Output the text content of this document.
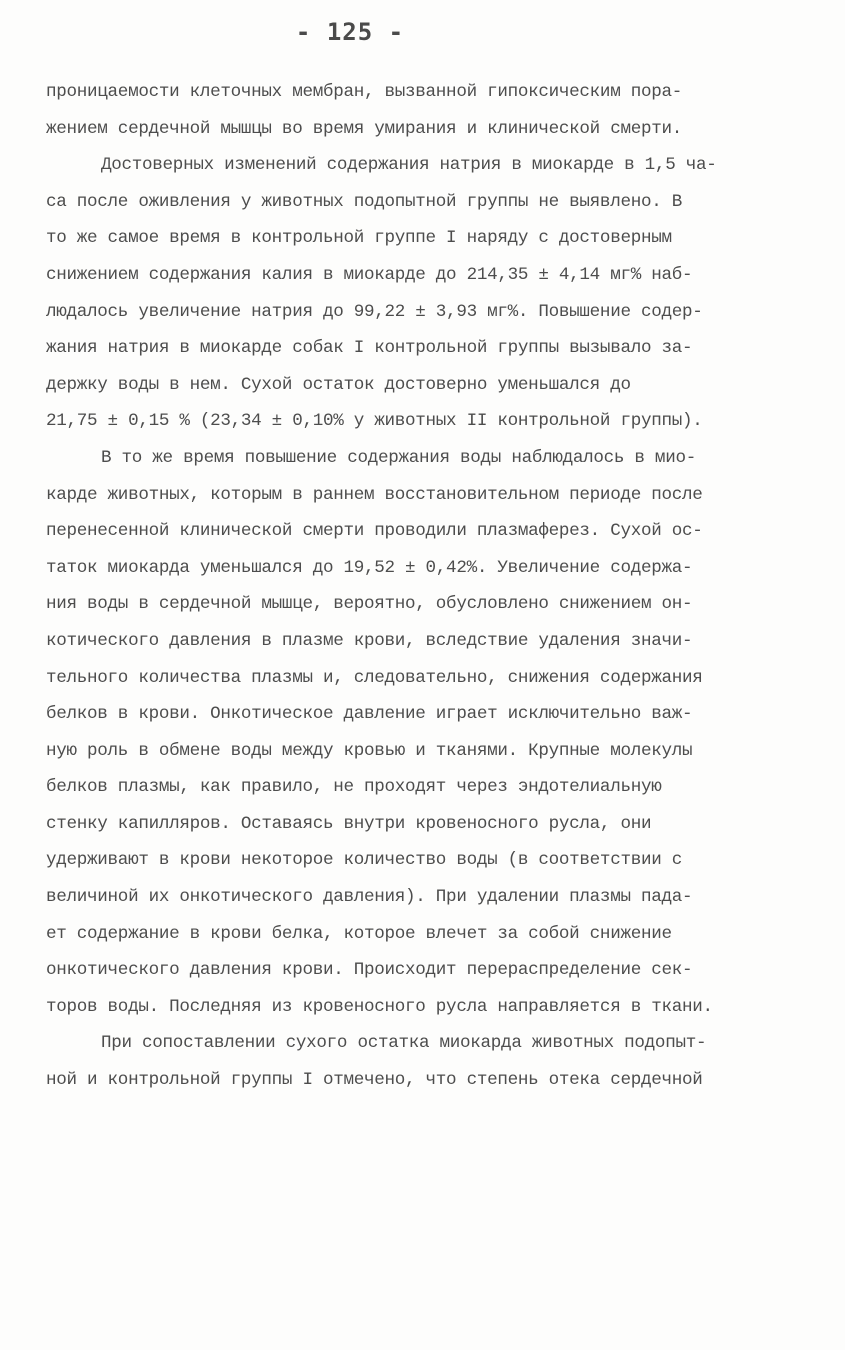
- 125 -
проницаемости клеточных мембран, вызванной гипоксическим пора-
жением сердечной мышцы во время умирания и клинической смерти.
Достоверных изменений содержания натрия в миокарде в 1,5 ча-
са после оживления у животных подопытной группы не выявлено. В
то же самое время в контрольной группе I наряду с достоверным
снижением содержания калия в миокарде до 214,35 ± 4,14 мг% наб-
людалось увеличение натрия до 99,22 ± 3,93 мг%. Повышение содер-
жания натрия в миокарде собак I контрольной группы вызывало за-
держку воды в нем. Сухой остаток достоверно уменьшался до
21,75 ± 0,15 % (23,34 ± 0,10% у животных II контрольной группы).
В то же время повышение содержания воды наблюдалось в мио-
карде животных, которым в раннем восстановительном периоде после
перенесенной клинической смерти проводили плазмаферез. Сухой ос-
таток миокарда уменьшался до 19,52 ± 0,42%. Увеличение содержа-
ния воды в сердечной мышце, вероятно, обусловлено снижением он-
котического давления в плазме крови, вследствие удаления значи-
тельного количества плазмы и, следовательно, снижения содержания
белков в крови. Онкотическое давление играет исключительно важ-
ную роль в обмене воды между кровью и тканями. Крупные молекулы
белков плазмы, как правило, не проходят через эндотелиальную
стенку капилляров. Оставаясь внутри кровеносного русла, они
удерживают в крови некоторое количество воды (в соответствии с
величиной их онкотического давления). При удалении плазмы пада-
ет содержание в крови белка, которое влечет за собой снижение
онкотического давления крови. Происходит перераспределение сек-
торов воды. Последняя из кровеносного русла направляется в ткани.
При сопоставлении сухого остатка миокарда животных подопыт-
ной и контрольной группы I отмечено, что степень отека сердечной
